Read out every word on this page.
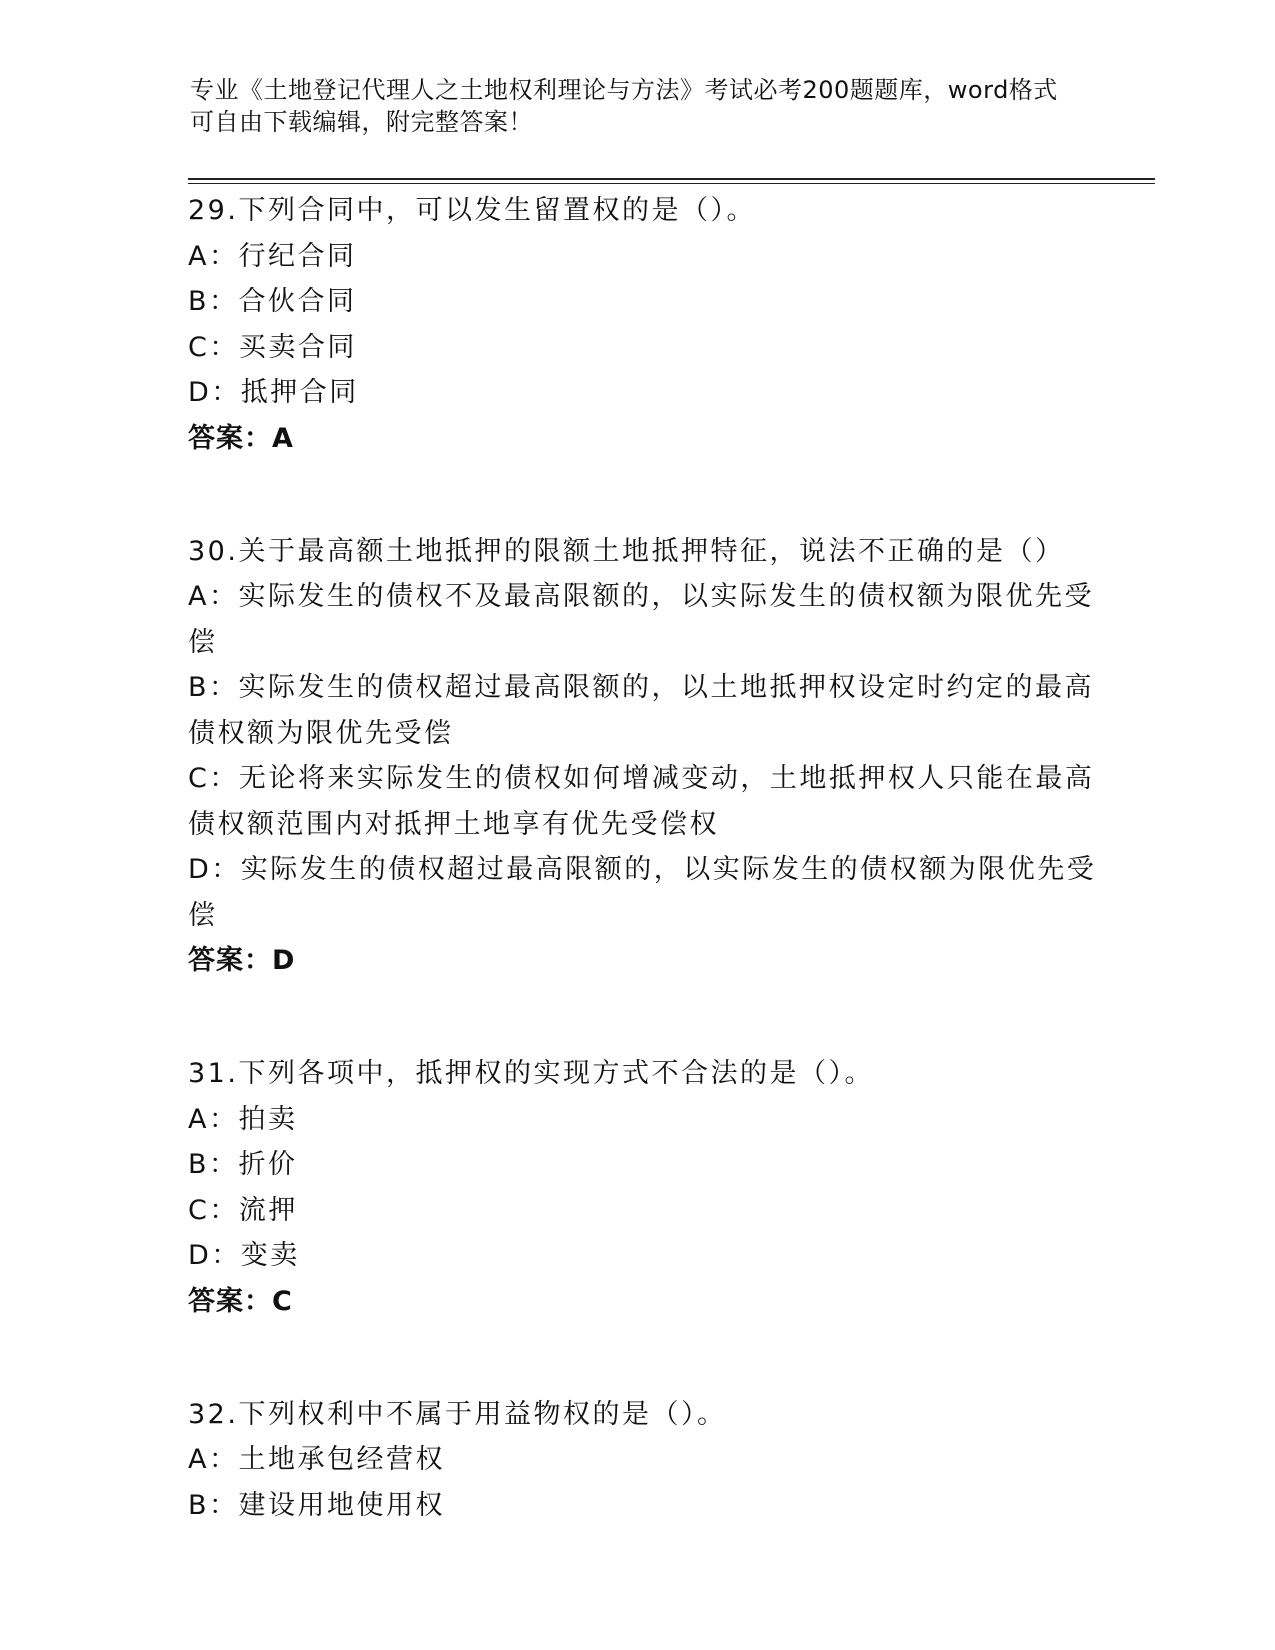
专业《土地登记代理人之土地权利理论与方法》考试必考200题题库，word格式
可自由下载编辑，附完整答案！
29.下列合同中，可以发生留置权的是（）。
A：行纪合同
B：合伙合同
C：买卖合同
D：抵押合同
答案：A
30.关于最高额土地抵押的限额土地抵押特征，说法不正确的是（）
A：实际发生的债权不及最高限额的，以实际发生的债权额为限优先受
偿
B：实际发生的债权超过最高限额的，以土地抵押权设定时约定的最高
债权额为限优先受偿
C：无论将来实际发生的债权如何增减变动，土地抵押权人只能在最高
债权额范围内对抵押土地享有优先受偿权
D：实际发生的债权超过最高限额的，以实际发生的债权额为限优先受
偿
答案：D
31.下列各项中，抵押权的实现方式不合法的是（）。
A：拍卖
B：折价
C：流押
D：变卖
答案：C
32.下列权利中不属于用益物权的是（）。
A：土地承包经营权
B：建设用地使用权
